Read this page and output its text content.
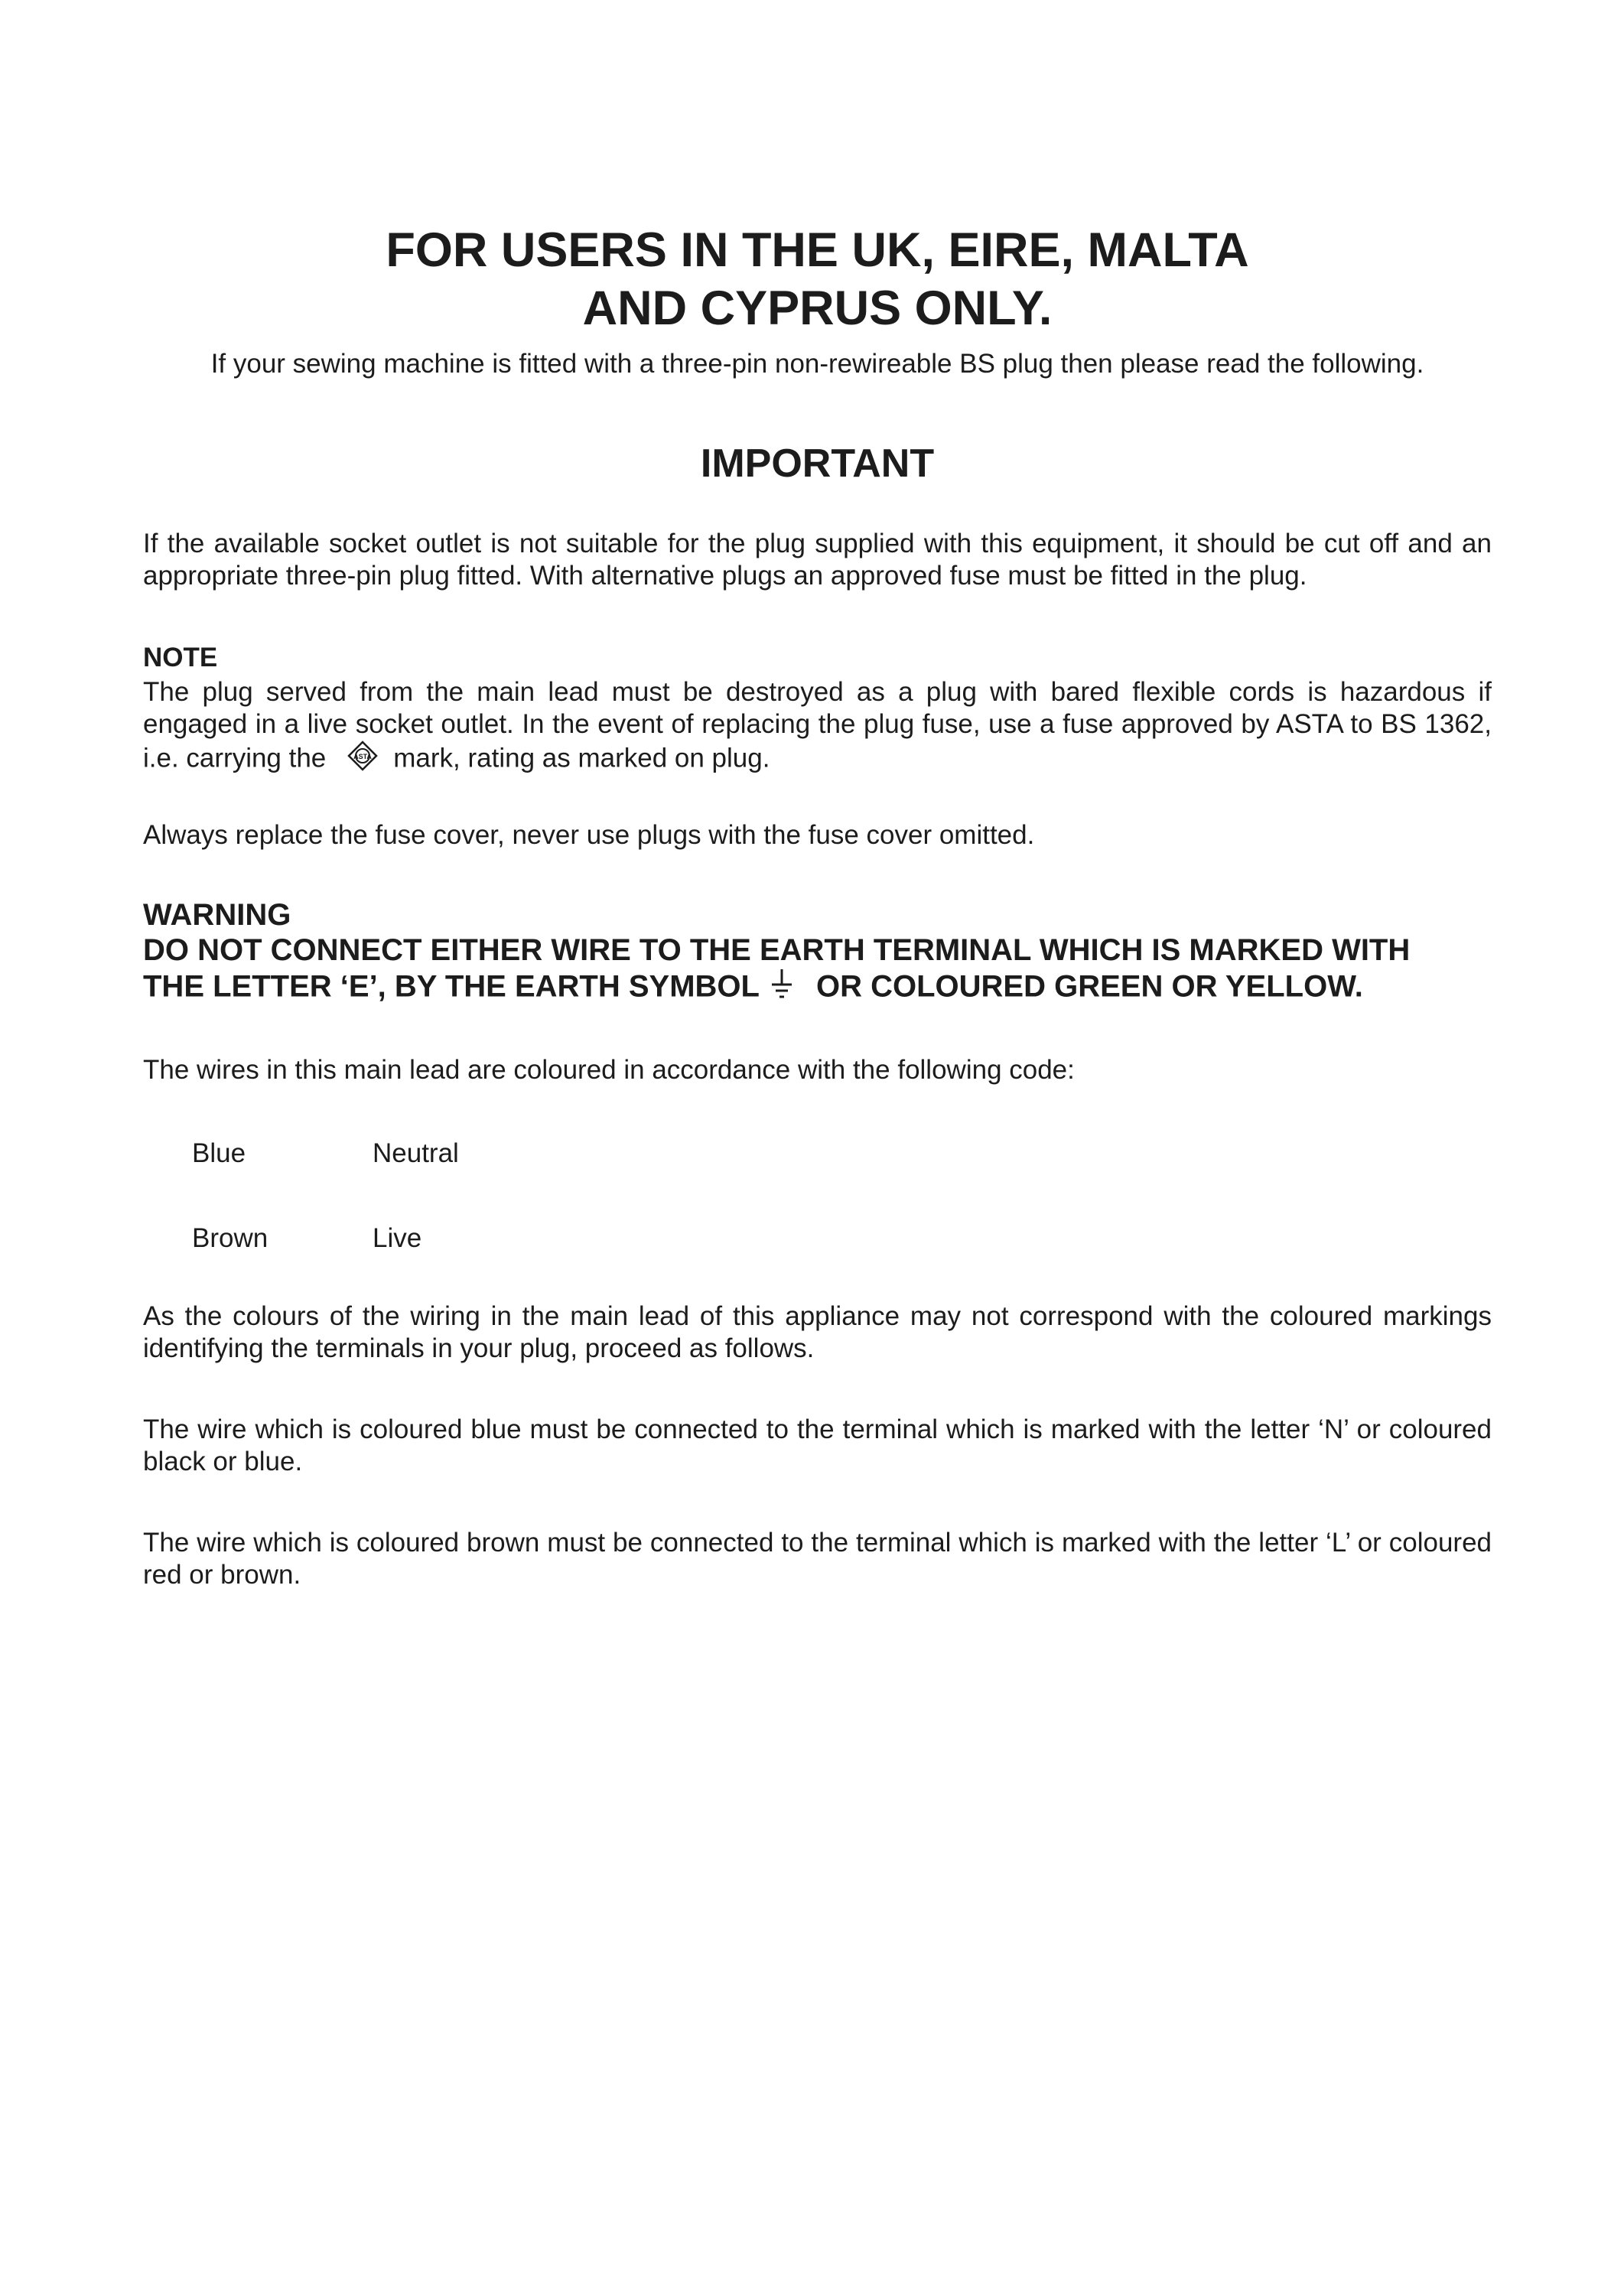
FOR USERS IN THE UK, EIRE, MALTA
AND CYPRUS ONLY.

If your sewing machine is fitted with a three-pin non-rewireable BS plug then please read the following.

IMPORTANT

If the available socket outlet is not suitable for the plug supplied with this equipment, it should be cut off and an appropriate three-pin plug fitted. With alternative plugs an approved fuse must be fitted in the plug.

NOTE

The plug served from the main lead must be destroyed as a plug with bared flexible cords is hazardous if engaged in a live socket outlet. In the event of replacing the plug fuse, use a fuse approved by ASTA to BS 1362, i.e. carrying the	ASTA mark, rating as marked on plug.

Always replace the fuse cover, never use plugs with the fuse cover omitted.

WARNING

DO NOT CONNECT EITHER WIRE TO THE EARTH TERMINAL WHICH IS MARKED WITH

THE LETTER ‘E’, BY THE EARTH SYMBOL OR COLOURED GREEN OR YELLOW.

The wires in this main lead are coloured in accordance with the following code:

Blue	Neutral

Brown	Live

As the colours of the wiring in the main lead of this appliance may not correspond with the coloured markings identifying the terminals in your plug, proceed as follows.

The wire which is coloured blue must be connected to the terminal which is marked with the letter ‘N’ or coloured black or blue.

The wire which is coloured brown must be connected to the terminal which is marked with the letter ‘L’ or coloured red or brown.
